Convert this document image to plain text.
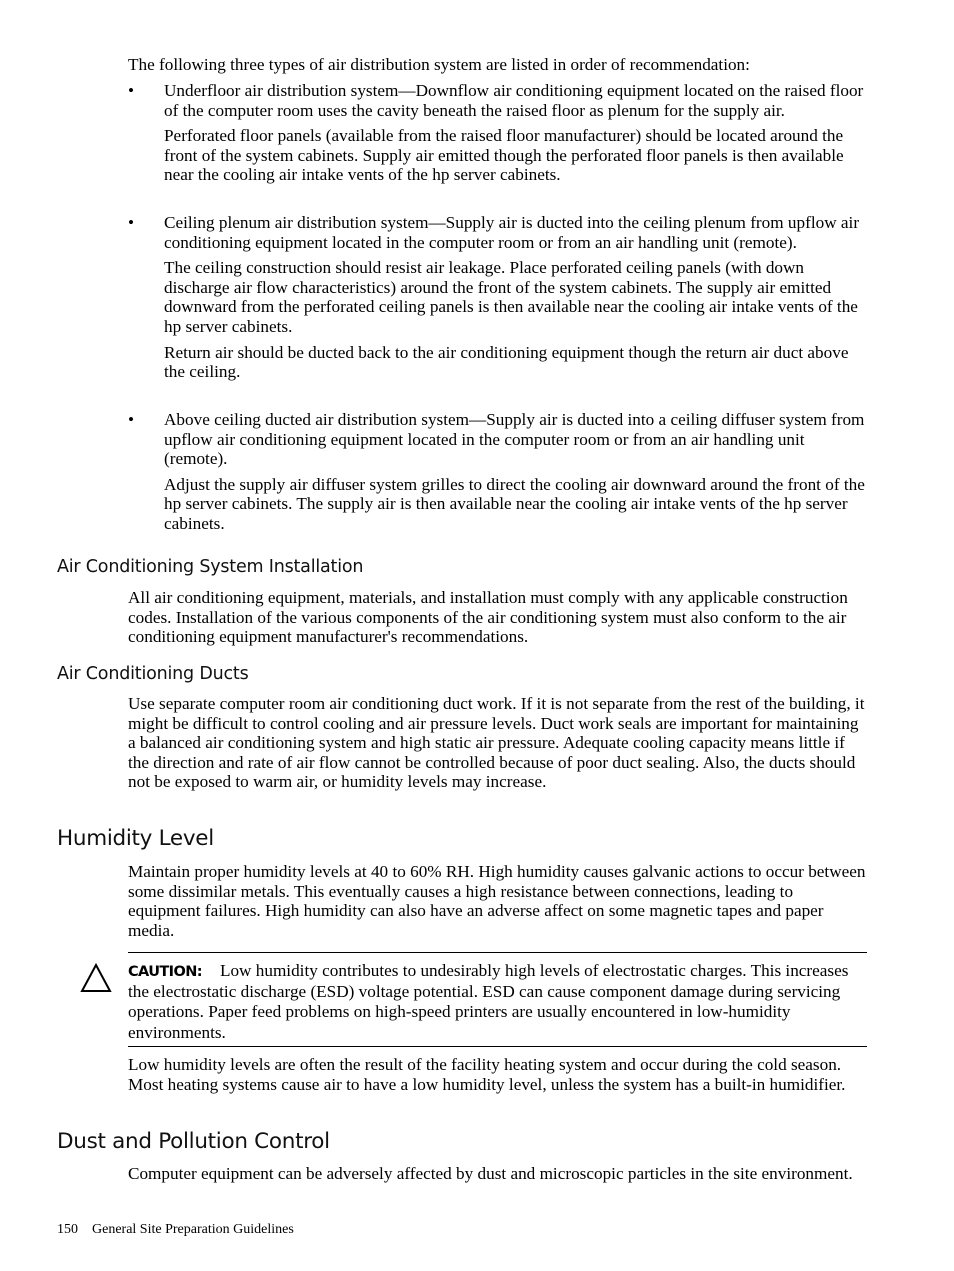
The following three types of air distribution system are listed in order of recommendation:

•	Underfloor air distribution system—Downflow air conditioning equipment located on the raised floor of the computer room uses the cavity beneath the raised floor as plenum for the supply air.

Perforated floor panels (available from the raised floor manufacturer) should be located around the front of the system cabinets. Supply air emitted though the perforated floor panels is then available near the cooling air intake vents of the hp server cabinets.

•	Ceiling plenum air distribution system—Supply air is ducted into the ceiling plenum from upflow air conditioning equipment located in the computer room or from an air handling unit (remote).

The ceiling construction should resist air leakage. Place perforated ceiling panels (with down discharge air flow characteristics) around the front of the system cabinets. The supply air emitted downward from the perforated ceiling panels is then available near the cooling air intake vents of the hp server cabinets.

Return air should be ducted back to the air conditioning equipment though the return air duct above the ceiling.

•	Above ceiling ducted air distribution system—Supply air is ducted into a ceiling diffuser system from upflow air conditioning equipment located in the computer room or from an air handling unit (remote).

Adjust the supply air diffuser system grilles to direct the cooling air downward around the front of the hp server cabinets. The supply air is then available near the cooling air intake vents of the hp server cabinets.

Air Conditioning System Installation

All air conditioning equipment, materials, and installation must comply with any applicable construction codes. Installation of the various components of the air conditioning system must also conform to the air conditioning equipment manufacturer's recommendations.

Air Conditioning Ducts

Use separate computer room air conditioning duct work. If it is not separate from the rest of the building, it might be difficult to control cooling and air pressure levels. Duct work seals are important for maintaining a balanced air conditioning system and high static air pressure. Adequate cooling capacity means little if the direction and rate of air flow cannot be controlled because of poor duct sealing. Also, the ducts should not be exposed to warm air, or humidity levels may increase.

Humidity Level

Maintain proper humidity levels at 40 to 60% RH. High humidity causes galvanic actions to occur between some dissimilar metals. This eventually causes a high resistance between connections, leading to equipment failures. High humidity can also have an adverse affect on some magnetic tapes and paper media.

CAUTION: Low humidity contributes to undesirably high levels of electrostatic charges. This increases the electrostatic discharge (ESD) voltage potential. ESD can cause component damage during servicing operations. Paper feed problems on high-speed printers are usually encountered in low-humidity environments.

Low humidity levels are often the result of the facility heating system and occur during the cold season. Most heating systems cause air to have a low humidity level, unless the system has a built-in humidifier.

Dust and Pollution Control

Computer equipment can be adversely affected by dust and microscopic particles in the site environment.

150 General Site Preparation Guidelines
